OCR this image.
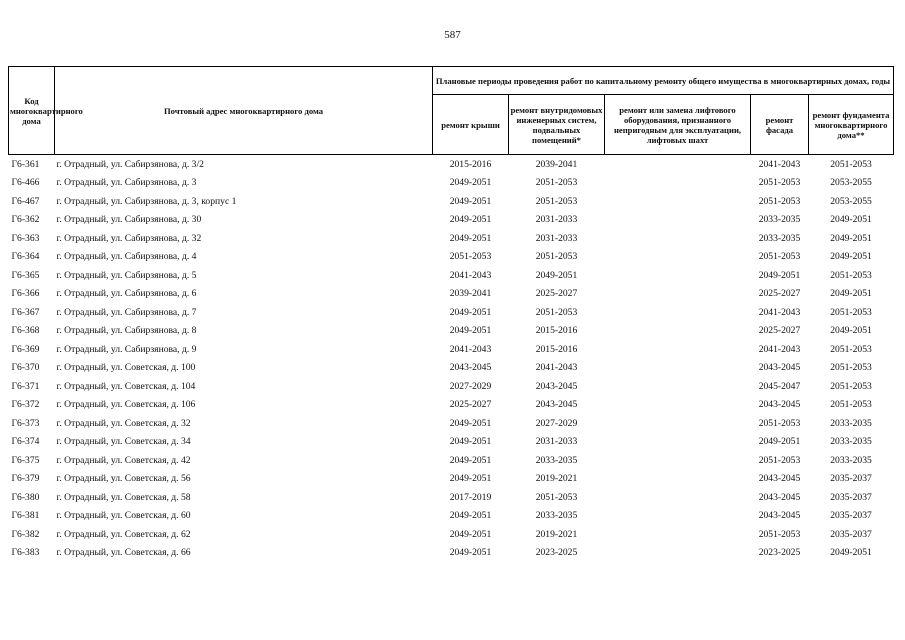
587
Код многоквартирного дома	Почтовый адрес многоквартирного дома	Плановые периоды проведения работ по капитальному ремонту общего имущества в многоквартирных домах, годы				
		ремонт крыши	ремонт внутридомовых инженерных систем, подвальных помещений*	ремонт или замена лифтового оборудования, признанного непригодным для эксплуатации, лифтовых шахт	ремонт фасада	ремонт фундамента многоквартирного дома**
Г6-361	г. Отрадный, ул. Сабирзянова, д. 3/2	2015-2016	2039-2041		2041-2043	2051-2053
Г6-466	г. Отрадный, ул. Сабирзянова, д. 3	2049-2051	2051-2053		2051-2053	2053-2055
Г6-467	г. Отрадный, ул. Сабирзянова, д. 3, корпус 1	2049-2051	2051-2053		2051-2053	2053-2055
Г6-362	г. Отрадный, ул. Сабирзянова, д. 30	2049-2051	2031-2033		2033-2035	2049-2051
Г6-363	г. Отрадный, ул. Сабирзянова, д. 32	2049-2051	2031-2033		2033-2035	2049-2051
Г6-364	г. Отрадный, ул. Сабирзянова, д. 4	2051-2053	2051-2053		2051-2053	2049-2051
Г6-365	г. Отрадный, ул. Сабирзянова, д. 5	2041-2043	2049-2051		2049-2051	2051-2053
Г6-366	г. Отрадный, ул. Сабирзянова, д. 6	2039-2041	2025-2027		2025-2027	2049-2051
Г6-367	г. Отрадный, ул. Сабирзянова, д. 7	2049-2051	2051-2053		2041-2043	2051-2053
Г6-368	г. Отрадный, ул. Сабирзянова, д. 8	2049-2051	2015-2016		2025-2027	2049-2051
Г6-369	г. Отрадный, ул. Сабирзянова, д. 9	2041-2043	2015-2016		2041-2043	2051-2053
Г6-370	г. Отрадный, ул. Советская, д. 100	2043-2045	2041-2043		2043-2045	2051-2053
Г6-371	г. Отрадный, ул. Советская, д. 104	2027-2029	2043-2045		2045-2047	2051-2053
Г6-372	г. Отрадный, ул. Советская, д. 106	2025-2027	2043-2045		2043-2045	2051-2053
Г6-373	г. Отрадный, ул. Советская, д. 32	2049-2051	2027-2029		2051-2053	2033-2035
Г6-374	г. Отрадный, ул. Советская, д. 34	2049-2051	2031-2033		2049-2051	2033-2035
Г6-375	г. Отрадный, ул. Советская, д. 42	2049-2051	2033-2035		2051-2053	2033-2035
Г6-379	г. Отрадный, ул. Советская, д. 56	2049-2051	2019-2021		2043-2045	2035-2037
Г6-380	г. Отрадный, ул. Советская, д. 58	2017-2019	2051-2053		2043-2045	2035-2037
Г6-381	г. Отрадный, ул. Советская, д. 60	2049-2051	2033-2035		2043-2045	2035-2037
Г6-382	г. Отрадный, ул. Советская, д. 62	2049-2051	2019-2021		2051-2053	2035-2037
Г6-383	г. Отрадный, ул. Советская, д. 66	2049-2051	2023-2025		2023-2025	2049-2051
